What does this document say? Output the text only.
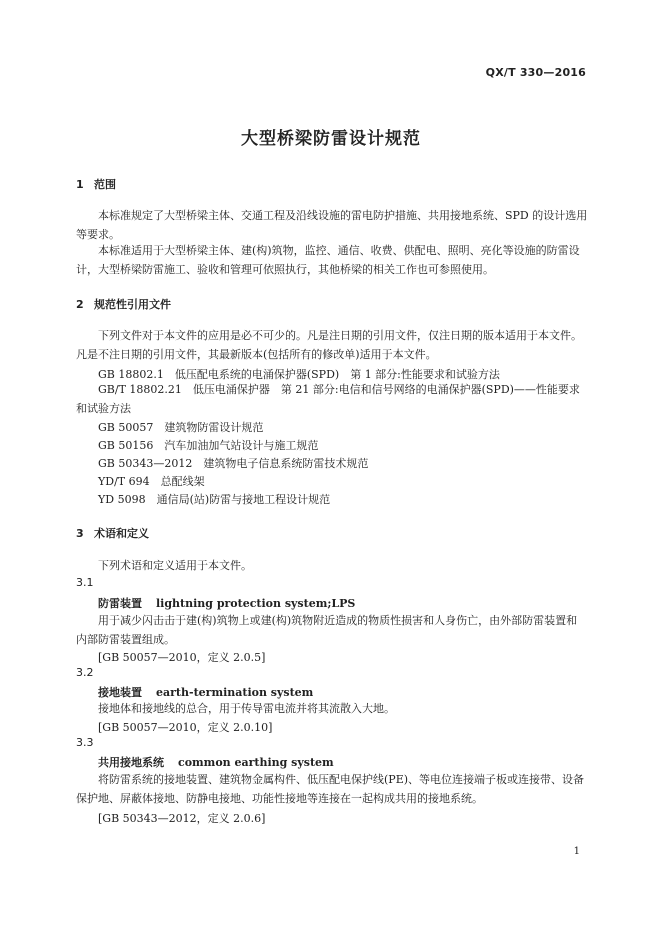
QX/T 330—2016
大型桥梁防雷设计规范
1 范围
本标准规定了大型桥梁主体、交通工程及沿线设施的雷电防护措施、共用接地系统、SPD 的设计选用等要求。
本标准适用于大型桥梁主体、建(构)筑物，监控、通信、收费、供配电、照明、亮化等设施的防雷设计，大型桥梁防雷施工、验收和管理可依照执行，其他桥梁的相关工作也可参照使用。
2 规范性引用文件
下列文件对于本文件的应用是必不可少的。凡是注日期的引用文件，仅注日期的版本适用于本文件。凡是不注日期的引用文件，其最新版本(包括所有的修改单)适用于本文件。
GB 18802.1　低压配电系统的电涌保护器(SPD)　第 1 部分:性能要求和试验方法
GB/T 18802.21　低压电涌保护器　第 21 部分:电信和信号网络的电涌保护器(SPD)——性能要求和试验方法
GB 50057　建筑物防雷设计规范
GB 50156　汽车加油加气站设计与施工规范
GB 50343—2012　建筑物电子信息系统防雷技术规范
YD/T 694　总配线架
YD 5098　通信局(站)防雷与接地工程设计规范
3 术语和定义
下列术语和定义适用于本文件。
3.1
防雷装置 lightning protection system;LPS
用于减少闪击击于建(构)筑物上或建(构)筑物附近造成的物质性损害和人身伤亡，由外部防雷装置和内部防雷装置组成。
[GB 50057—2010，定义 2.0.5]
3.2
接地装置 earth-termination system
接地体和接地线的总合，用于传导雷电流并将其流散入大地。
[GB 50057—2010，定义 2.0.10]
3.3
共用接地系统 common earthing system
将防雷系统的接地装置、建筑物金属构件、低压配电保护线(PE)、等电位连接端子板或连接带、设备保护地、屏蔽体接地、防静电接地、功能性接地等连接在一起构成共用的接地系统。
[GB 50343—2012，定义 2.0.6]
1
